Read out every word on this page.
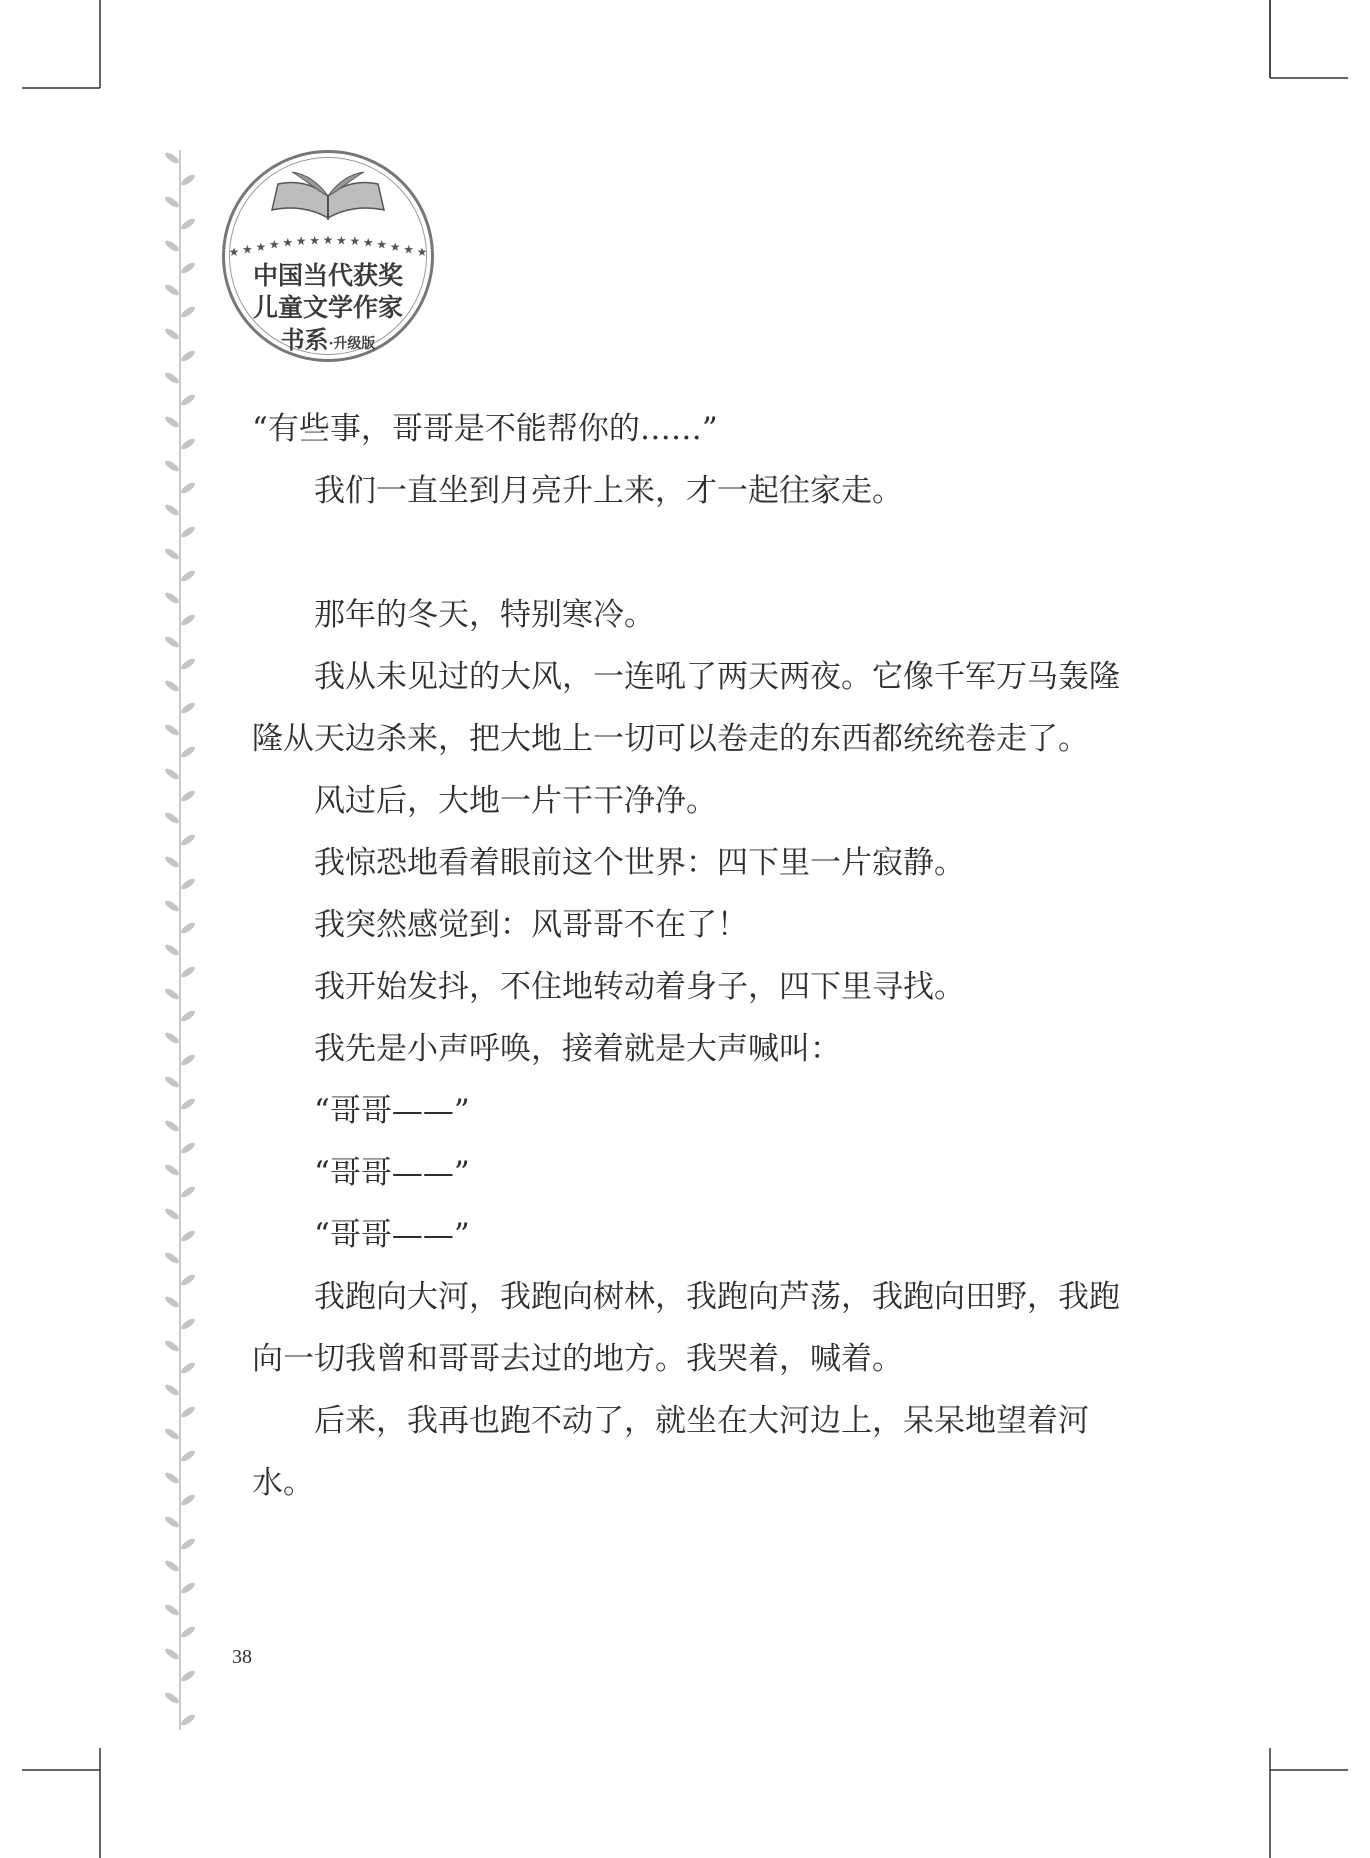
★ ★ ★ ★ ★ ★ ★ ★ ★ ★ ★ ★ ★ ★ ★
中国当代获奖
儿童文学作家
书系·升级版

“有些事，哥哥是不能帮你的……”

我们一直坐到月亮升上来，才一起往家走。

那年的冬天，特别寒冷。

我从未见过的大风，一连吼了两天两夜。它像千军万马轰隆隆从天边杀来，把大地上一切可以卷走的东西都统统卷走了。

风过后，大地一片干干净净。

我惊恐地看着眼前这个世界：四下里一片寂静。

我突然感觉到：风哥哥不在了！

我开始发抖，不住地转动着身子，四下里寻找。

我先是小声呼唤，接着就是大声喊叫：

“哥哥——”

“哥哥——”

“哥哥——”

我跑向大河，我跑向树林，我跑向芦荡，我跑向田野，我跑向一切我曾和哥哥去过的地方。我哭着，喊着。

后来，我再也跑不动了，就坐在大河边上，呆呆地望着河水。

38
